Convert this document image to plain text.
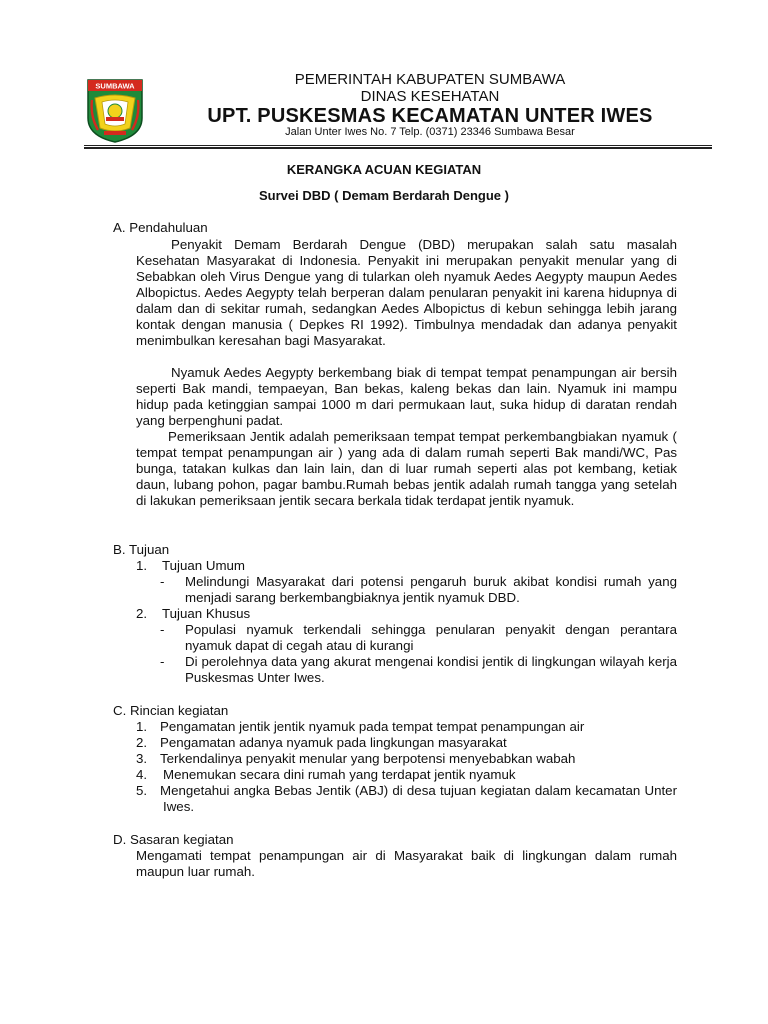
SUMBAWA	PEMERINTAH KABUPATEN SUMBAWA
DINAS KESEHATAN
UPT. PUSKESMAS KECAMATAN UNTER IWES
Jalan Unter Iwes No. 7 Telp. (0371) 23346 Sumbawa Besar
KERANGKA ACUAN KEGIATAN
Survei DBD ( Demam Berdarah Dengue )
A. Pendahuluan
Penyakit Demam Berdarah Dengue (DBD) merupakan salah satu masalah Kesehatan Masyarakat di Indonesia. Penyakit ini merupakan penyakit menular yang di Sebabkan oleh Virus Dengue yang di tularkan oleh nyamuk Aedes Aegypty maupun Aedes Albopictus. Aedes Aegypty telah berperan dalam penularan penyakit ini karena hidupnya di dalam dan di sekitar rumah, sedangkan Aedes Albopictus di kebun sehingga lebih jarang kontak dengan manusia ( Depkes RI 1992). Timbulnya mendadak dan adanya penyakit menimbulkan keresahan bagi Masyarakat.
Nyamuk Aedes Aegypty berkembang biak di tempat tempat penampungan air bersih seperti Bak mandi, tempaeyan, Ban bekas, kaleng bekas dan lain. Nyamuk ini mampu hidup pada ketinggian sampai 1000 m dari permukaan laut, suka hidup di daratan rendah yang berpenghuni padat.
Pemeriksaan Jentik adalah pemeriksaan tempat tempat perkembangbiakan nyamuk ( tempat tempat penampungan air ) yang ada di dalam rumah seperti Bak mandi/WC, Pas bunga, tatakan kulkas dan lain lain, dan di luar rumah seperti alas pot kembang, ketiak daun, lubang pohon, pagar bambu.Rumah bebas jentik adalah rumah tangga yang setelah di lakukan pemeriksaan jentik secara berkala tidak terdapat jentik nyamuk.
B. Tujuan
1. Tujuan Umum
- Melindungi Masyarakat dari potensi pengaruh buruk akibat kondisi rumah yang menjadi sarang berkembangbiaknya jentik nyamuk DBD.
2. Tujuan Khusus
- Populasi nyamuk terkendali sehingga penularan penyakit dengan perantara nyamuk dapat di cegah atau di kurangi
- Di perolehnya data yang akurat mengenai kondisi jentik di lingkungan wilayah kerja Puskesmas Unter Iwes.
C. Rincian kegiatan
1. Pengamatan jentik jentik nyamuk pada tempat tempat penampungan air
2. Pengamatan adanya nyamuk pada lingkungan masyarakat
3. Terkendalinya penyakit menular yang berpotensi menyebabkan wabah
4. Menemukan secara dini rumah yang terdapat jentik nyamuk
5. Mengetahui angka Bebas Jentik (ABJ) di desa tujuan kegiatan dalam kecamatan Unter Iwes.
D. Sasaran kegiatan
Mengamati tempat penampungan air di Masyarakat baik di lingkungan dalam rumah maupun luar rumah.
